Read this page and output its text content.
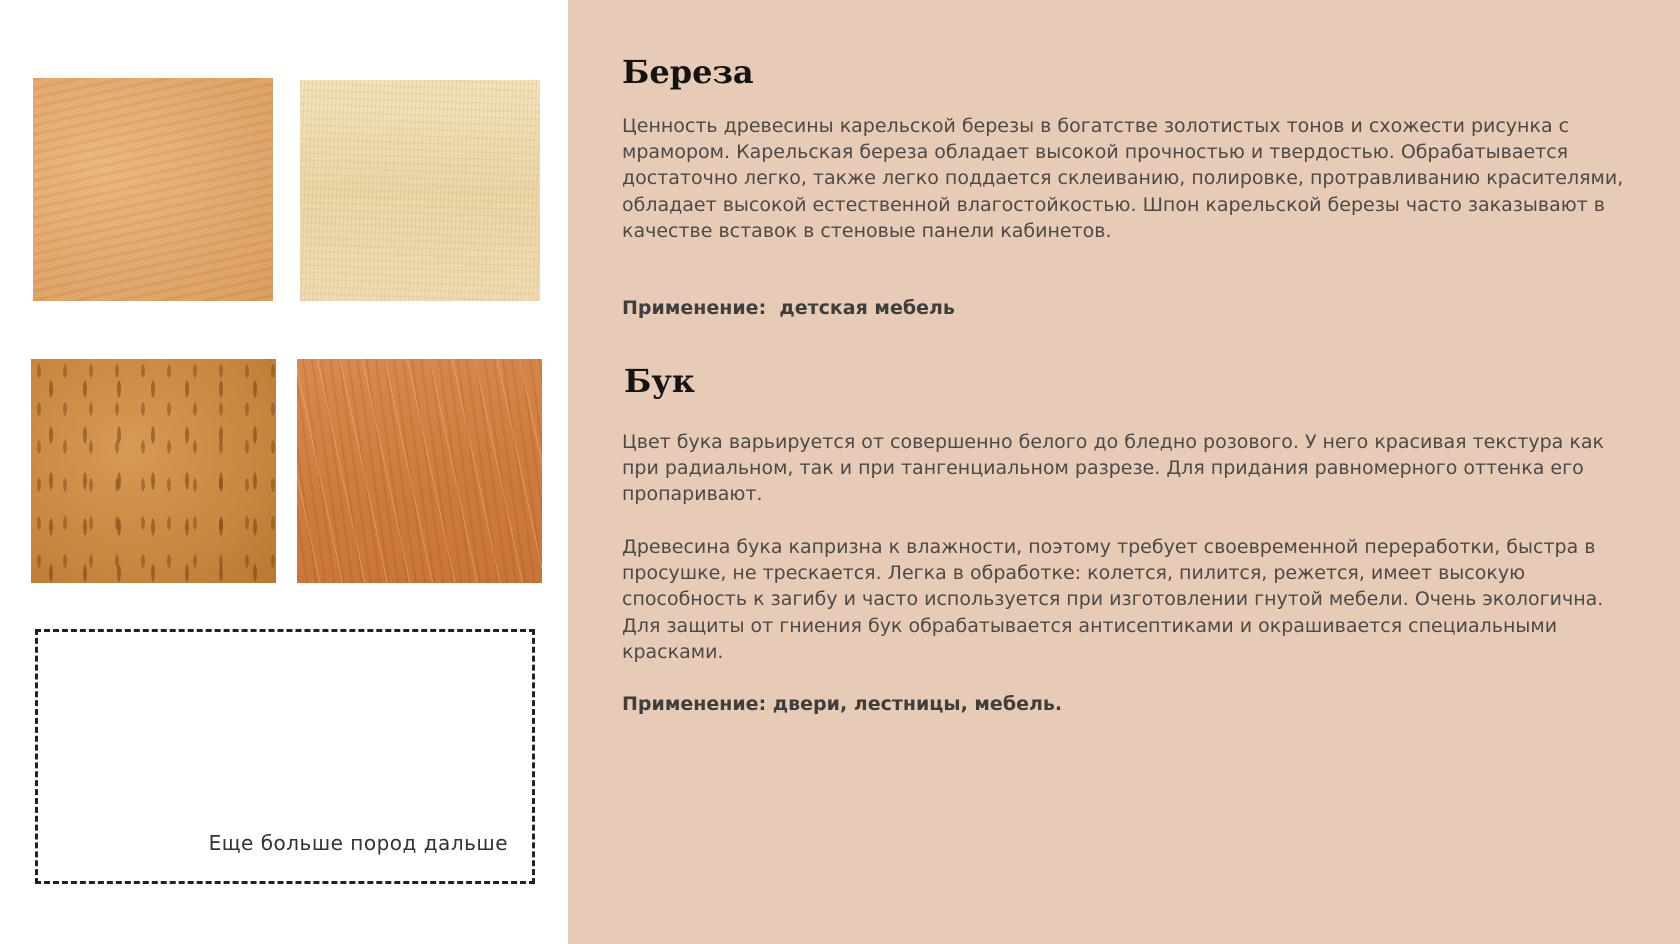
Еще больше пород дальше
Береза

Ценность древесины карельской березы в богатстве золотистых тонов и схожести рисунка с мрамором. Карельская береза обладает высокой прочностью и твердостью. Обрабатывается достаточно легко, также легко поддается склеиванию, полировке, протравливанию красителями, обладает высокой естественной влагостойкостью. Шпон карельской березы часто заказывают в качестве вставок в стеновые панели кабинетов.

Применение:  детская мебель

Бук

Цвет бука варьируется от совершенно белого до бледно розового. У него красивая текстура как при радиальном, так и при тангенциальном разрезе. Для придания равномерного оттенка его пропаривают.

Древесина бука капризна к влажности, поэтому требует своевременной переработки, быстра в просушке, не трескается. Легка в обработке: колется, пилится, режется, имеет высокую способность к загибу и часто используется при изготовлении гнутой мебели. Очень экологична. Для защиты от гниения бук обрабатывается антисептиками и окрашивается специальными красками.

Применение: двери, лестницы, мебель.
